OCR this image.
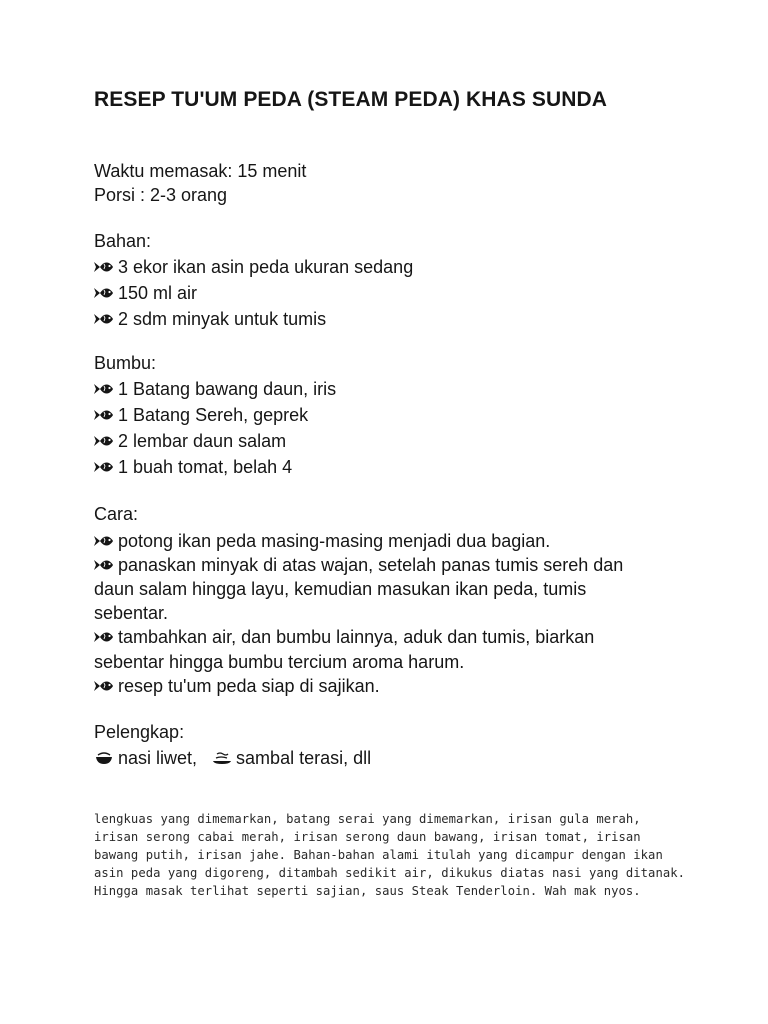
RESEP TU'UM PEDA (STEAM PEDA) KHAS SUNDA
Waktu memasak: 15 menit
Porsi : 2-3 orang
Bahan:
3 ekor ikan asin peda ukuran sedang
150 ml air
2 sdm minyak untuk tumis
Bumbu:
1 Batang bawang daun, iris
1 Batang Sereh, geprek
2 lembar daun salam
1 buah tomat, belah 4
Cara:
potong ikan peda masing-masing menjadi dua bagian.
panaskan minyak di atas wajan, setelah panas tumis sereh dan
daun salam hingga layu, kemudian masukan ikan peda, tumis
sebentar.
tambahkan air, dan bumbu lainnya, aduk dan tumis, biarkan
sebentar hingga bumbu tercium aroma harum.
resep tu'um peda siap di sajikan.
Pelengkap:
nasi liwet, sambal terasi, dll
lengkuas yang dimemarkan, batang serai yang dimemarkan, irisan gula merah,
irisan serong cabai merah, irisan serong daun bawang, irisan tomat, irisan
bawang putih, irisan jahe. Bahan-bahan alami itulah yang dicampur dengan ikan
asin peda yang digoreng, ditambah sedikit air, dikukus diatas nasi yang ditanak.
Hingga masak terlihat seperti sajian, saus Steak Tenderloin. Wah mak nyos.
